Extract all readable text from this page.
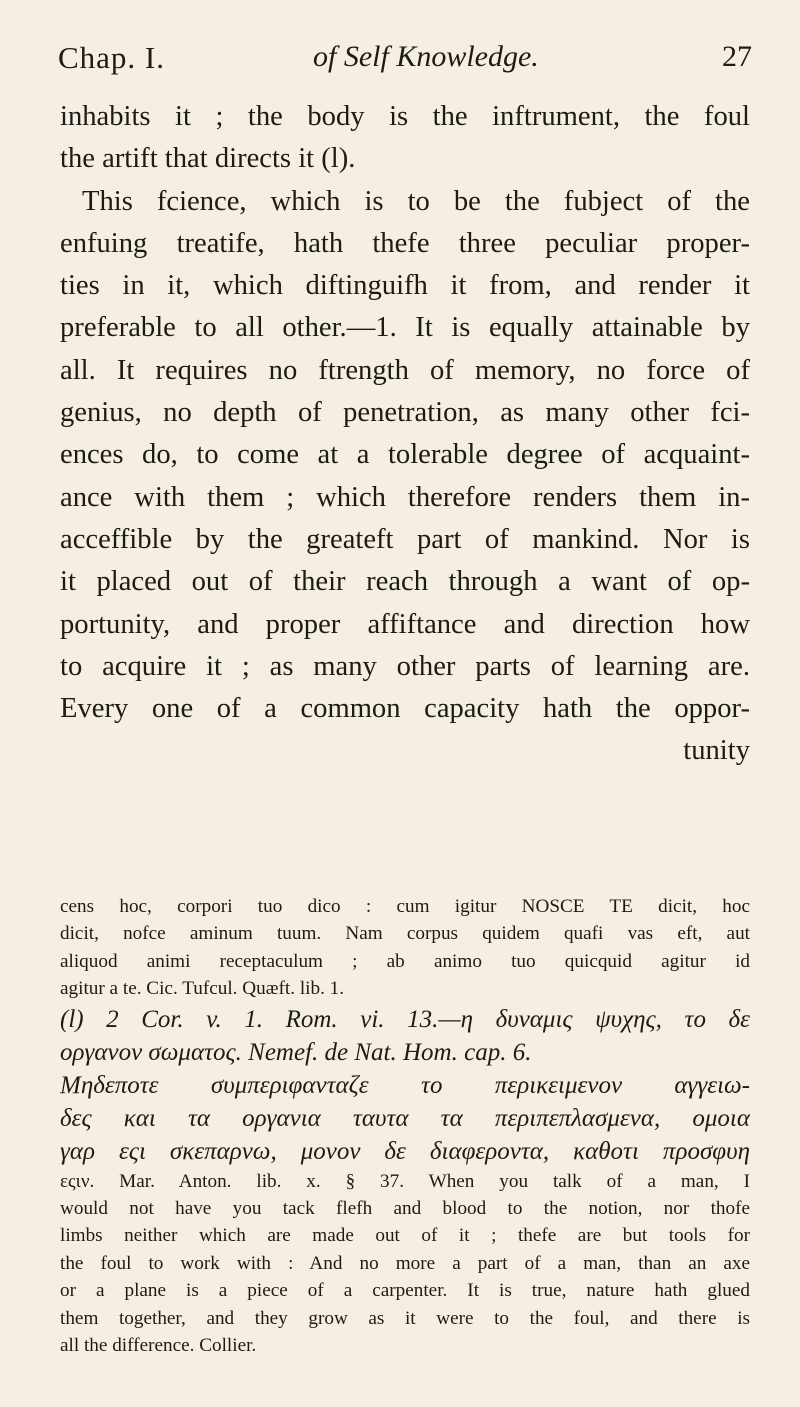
Chap. I.	of Self Knowledge.	27
inhabits it ; the body is the inftrument, the foul
the artift that directs it (l).
This fcience, which is to be the fubject of the
enfuing treatife, hath thefe three peculiar proper-
ties in it, which diftinguifh it from, and render it
preferable to all other.—1. It is equally attainable by
all. It requires no ftrength of memory, no force of
genius, no depth of penetration, as many other fci-
ences do, to come at a tolerable degree of acquaint-
ance with them ; which therefore renders them in-
acceffible by the greateft part of mankind. Nor is
it placed out of their reach through a want of op-
portunity, and proper affiftance and direction how
to acquire it ; as many other parts of learning are.
Every one of a common capacity hath the oppor-
tunity
cens hoc, corpori tuo dico : cum igitur NOSCE TE dicit, hoc
dicit, nofce aminum tuum. Nam corpus quidem quafi vas eft, aut
aliquod animi receptaculum ; ab animo tuo quicquid agitur id
agitur a te. Cic. Tufcul. Quæft. lib. 1.
(l) 2 Cor. v. 1. Rom. vi. 13.—η δυναμις ψυχης, το δε
οργανον σωματος. Nemef. de Nat. Hom. cap. 6.
Μηδεποτε συμπεριφανταζε το περικειμενον αγγειω-
δες και τα οργανια ταυτα τα περιπεπλασμενα, ομοια
γαρ εςι σκεπαρνω, μονον δε διαφεροντα, καθοτι προσφυη
εςιν. Mar. Anton. lib. x. § 37. When you talk of a man, I
would not have you tack flefh and blood to the notion, nor thofe
limbs neither which are made out of it ; thefe are but tools for
the foul to work with : And no more a part of a man, than an axe
or a plane is a piece of a carpenter. It is true, nature hath glued
them together, and they grow as it were to the foul, and there is
all the difference. Collier.
